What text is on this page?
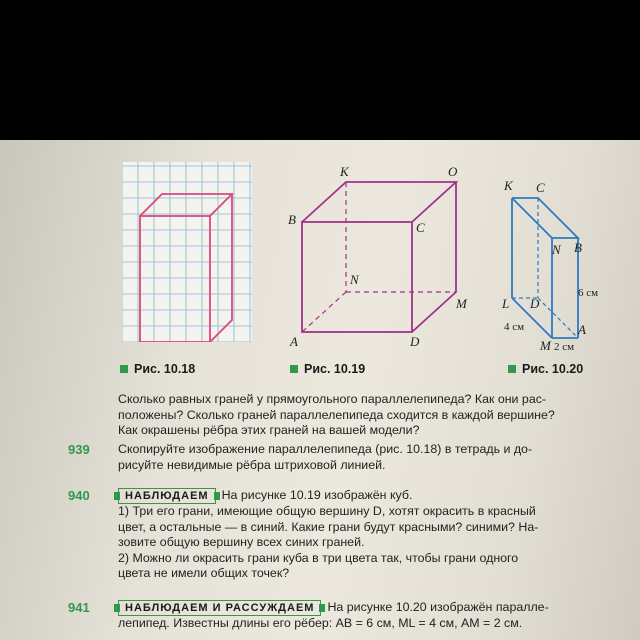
Рис. 10.18
K	O
B
C
N
M
A	D
Рис. 10.19
K C
N B
6 см
L D
4 см	A
M 2 см
Рис. 10.20
Сколько равных граней у прямоугольного параллелепипеда? Как они рас-
положены? Сколько граней параллелепипеда сходится в каждой вершине?
Как окрашены рёбра этих граней на вашей модели?
939 Скопируйте изображение параллелепипеда (рис. 10.18) в тетрадь и до-
рисуйте невидимые рёбра штриховой линией.
940	НАБЛЮДАЕМ На рисунке 10.19 изображён куб.
1) Три его грани, имеющие общую вершину D, хотят окрасить в красный
цвет, а остальные — в синий. Какие грани будут красными? синими? На-
зовите общую вершину всех синих граней.
2) Можно ли окрасить грани куба в три цвета так, чтобы грани одного
цвета не имели общих точек?
941	НАБЛЮДАЕМ И РАССУЖДАЕМ На рисунке 10.20 изображён паралле-
лепипед. Известны длины его рёбер: AB = 6 см, ML = 4 см, AM = 2 см.
